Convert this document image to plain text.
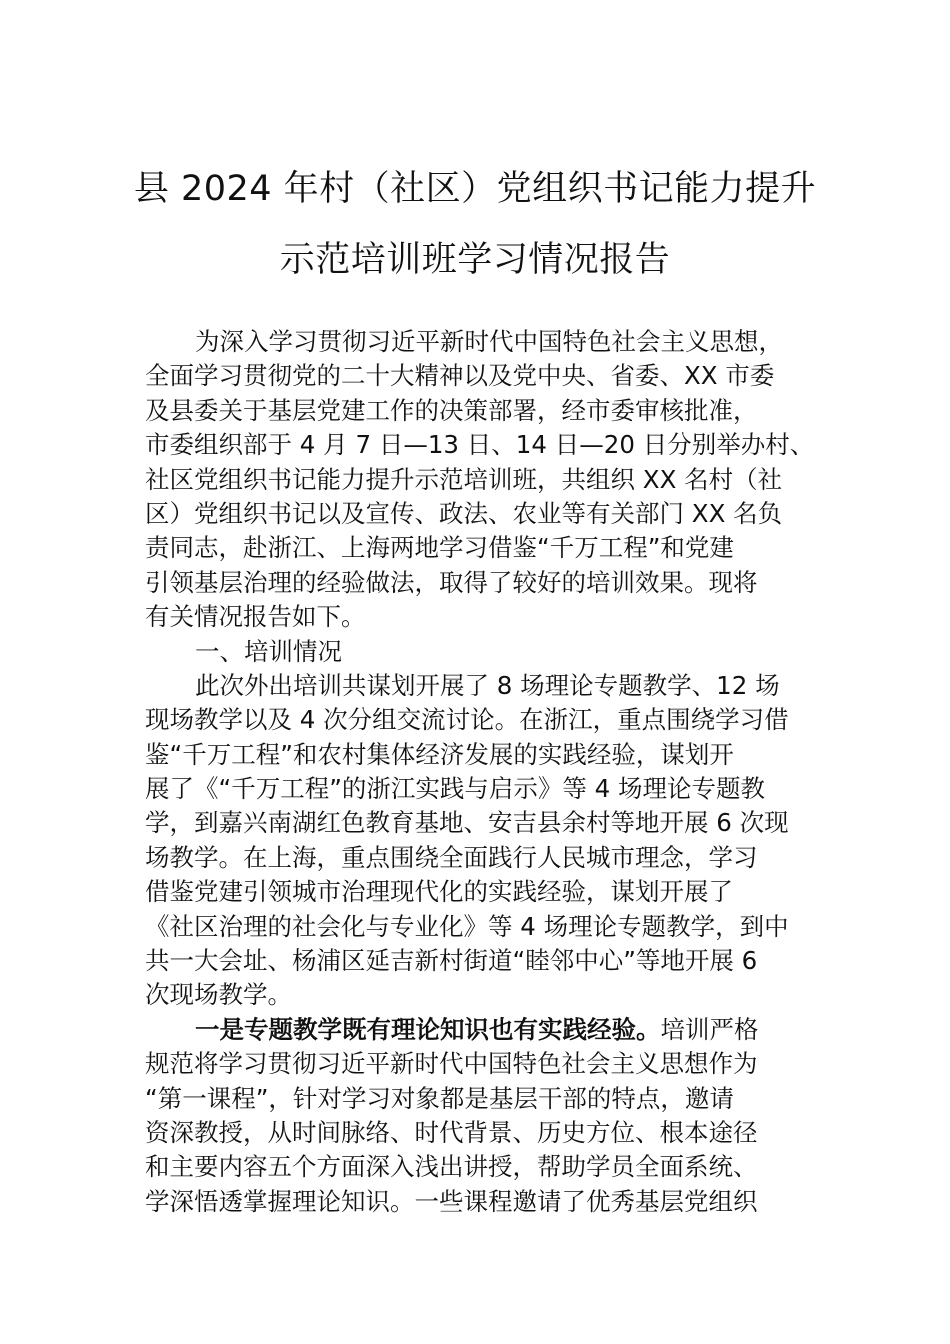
县 2024 年村（社区）党组织书记能力提升
示范培训班学习情况报告
为深入学习贯彻习近平新时代中国特色社会主义思想，
全面学习贯彻党的二十大精神以及党中央、省委、XX 市委
及县委关于基层党建工作的决策部署，经市委审核批准，
市委组织部于 4 月 7 日—13 日、14 日—20 日分别举办村、
社区党组织书记能力提升示范培训班，共组织 XX 名村（社
区）党组织书记以及宣传、政法、农业等有关部门 XX 名负
责同志，赴浙江、上海两地学习借鉴“千万工程”和党建
引领基层治理的经验做法，取得了较好的培训效果。现将
有关情况报告如下。
一、培训情况
此次外出培训共谋划开展了 8 场理论专题教学、12 场
现场教学以及 4 次分组交流讨论。在浙江，重点围绕学习借
鉴“千万工程”和农村集体经济发展的实践经验，谋划开
展了《“千万工程”的浙江实践与启示》等 4 场理论专题教
学，到嘉兴南湖红色教育基地、安吉县余村等地开展 6 次现
场教学。在上海，重点围绕全面践行人民城市理念，学习
借鉴党建引领城市治理现代化的实践经验，谋划开展了
《社区治理的社会化与专业化》等 4 场理论专题教学，到中
共一大会址、杨浦区延吉新村街道“睦邻中心”等地开展 6
次现场教学。
一是专题教学既有理论知识也有实践经验。培训严格
规范将学习贯彻习近平新时代中国特色社会主义思想作为
“第一课程”，针对学习对象都是基层干部的特点，邀请
资深教授，从时间脉络、时代背景、历史方位、根本途径
和主要内容五个方面深入浅出讲授，帮助学员全面系统、
学深悟透掌握理论知识。一些课程邀请了优秀基层党组织
